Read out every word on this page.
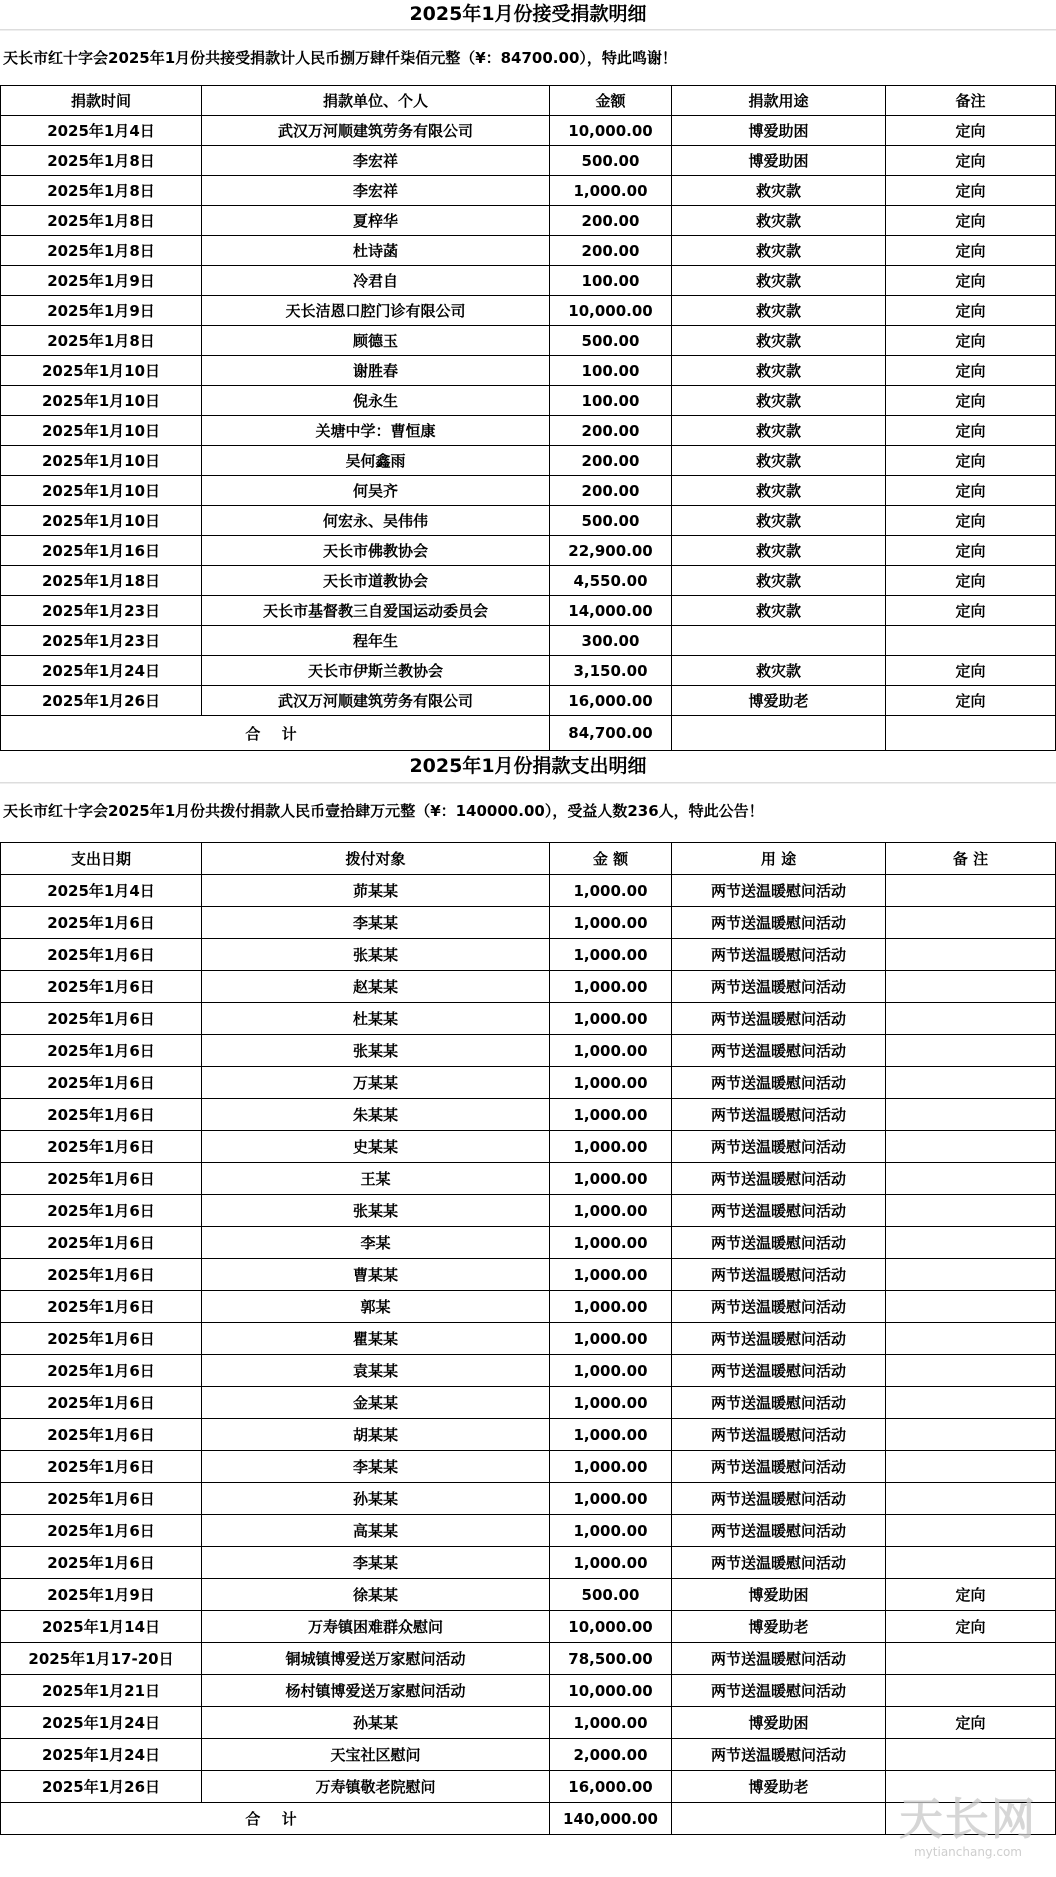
2025年1月份接受捐款明细
天长市红十字会2025年1月份共接受捐款计人民币捌万肆仟柒佰元整（¥：84700.00），特此鸣谢！
捐款时间	捐款单位、个人	金额	捐款用途	备注
2025年1月4日	武汉万河顺建筑劳务有限公司	10,000.00	博爱助困	定向
2025年1月8日	李宏祥	500.00	博爱助困	定向
2025年1月8日	李宏祥	1,000.00	救灾款	定向
2025年1月8日	夏梓华	200.00	救灾款	定向
2025年1月8日	杜诗菡	200.00	救灾款	定向
2025年1月9日	冷君自	100.00	救灾款	定向
2025年1月9日	天长洁恩口腔门诊有限公司	10,000.00	救灾款	定向
2025年1月8日	顾德玉	500.00	救灾款	定向
2025年1月10日	谢胜春	100.00	救灾款	定向
2025年1月10日	倪永生	100.00	救灾款	定向
2025年1月10日	关塘中学：曹恒康	200.00	救灾款	定向
2025年1月10日	吴何鑫雨	200.00	救灾款	定向
2025年1月10日	何吴齐	200.00	救灾款	定向
2025年1月10日	何宏永、吴伟伟	500.00	救灾款	定向
2025年1月16日	天长市佛教协会	22,900.00	救灾款	定向
2025年1月18日	天长市道教协会	4,550.00	救灾款	定向
2025年1月23日	天长市基督教三自爱国运动委员会	14,000.00	救灾款	定向
2025年1月23日	程年生	300.00		
2025年1月24日	天长市伊斯兰教协会	3,150.00	救灾款	定向
2025年1月26日	武汉万河顺建筑劳务有限公司	16,000.00	博爱助老	定向
合 计		84,700.00		
2025年1月份捐款支出明细
天长市红十字会2025年1月份共拨付捐款人民币壹拾肆万元整（¥：140000.00），受益人数236人，特此公告！
支出日期	拨付对象	金 额	用 途	备 注
2025年1月4日	茆某某	1,000.00	两节送温暖慰问活动	
2025年1月6日	李某某	1,000.00	两节送温暖慰问活动	
2025年1月6日	张某某	1,000.00	两节送温暖慰问活动	
2025年1月6日	赵某某	1,000.00	两节送温暖慰问活动	
2025年1月6日	杜某某	1,000.00	两节送温暖慰问活动	
2025年1月6日	张某某	1,000.00	两节送温暖慰问活动	
2025年1月6日	万某某	1,000.00	两节送温暖慰问活动	
2025年1月6日	朱某某	1,000.00	两节送温暖慰问活动	
2025年1月6日	史某某	1,000.00	两节送温暖慰问活动	
2025年1月6日	王某	1,000.00	两节送温暖慰问活动	
2025年1月6日	张某某	1,000.00	两节送温暖慰问活动	
2025年1月6日	李某	1,000.00	两节送温暖慰问活动	
2025年1月6日	曹某某	1,000.00	两节送温暖慰问活动	
2025年1月6日	郭某	1,000.00	两节送温暖慰问活动	
2025年1月6日	瞿某某	1,000.00	两节送温暖慰问活动	
2025年1月6日	袁某某	1,000.00	两节送温暖慰问活动	
2025年1月6日	金某某	1,000.00	两节送温暖慰问活动	
2025年1月6日	胡某某	1,000.00	两节送温暖慰问活动	
2025年1月6日	李某某	1,000.00	两节送温暖慰问活动	
2025年1月6日	孙某某	1,000.00	两节送温暖慰问活动	
2025年1月6日	高某某	1,000.00	两节送温暖慰问活动	
2025年1月6日	李某某	1,000.00	两节送温暖慰问活动	
2025年1月9日	徐某某	500.00	博爱助困	定向
2025年1月14日	万寿镇困难群众慰问	10,000.00	博爱助老	定向
2025年1月17-20日	铜城镇博爱送万家慰问活动	78,500.00	两节送温暖慰问活动	
2025年1月21日	杨村镇博爱送万家慰问活动	10,000.00	两节送温暖慰问活动	
2025年1月24日	孙某某	1,000.00	博爱助困	定向
2025年1月24日	天宝社区慰问	2,000.00	两节送温暖慰问活动	
2025年1月26日	万寿镇敬老院慰问	16,000.00	博爱助老	
合 计		140,000.00			天长网
mytianchang.com
